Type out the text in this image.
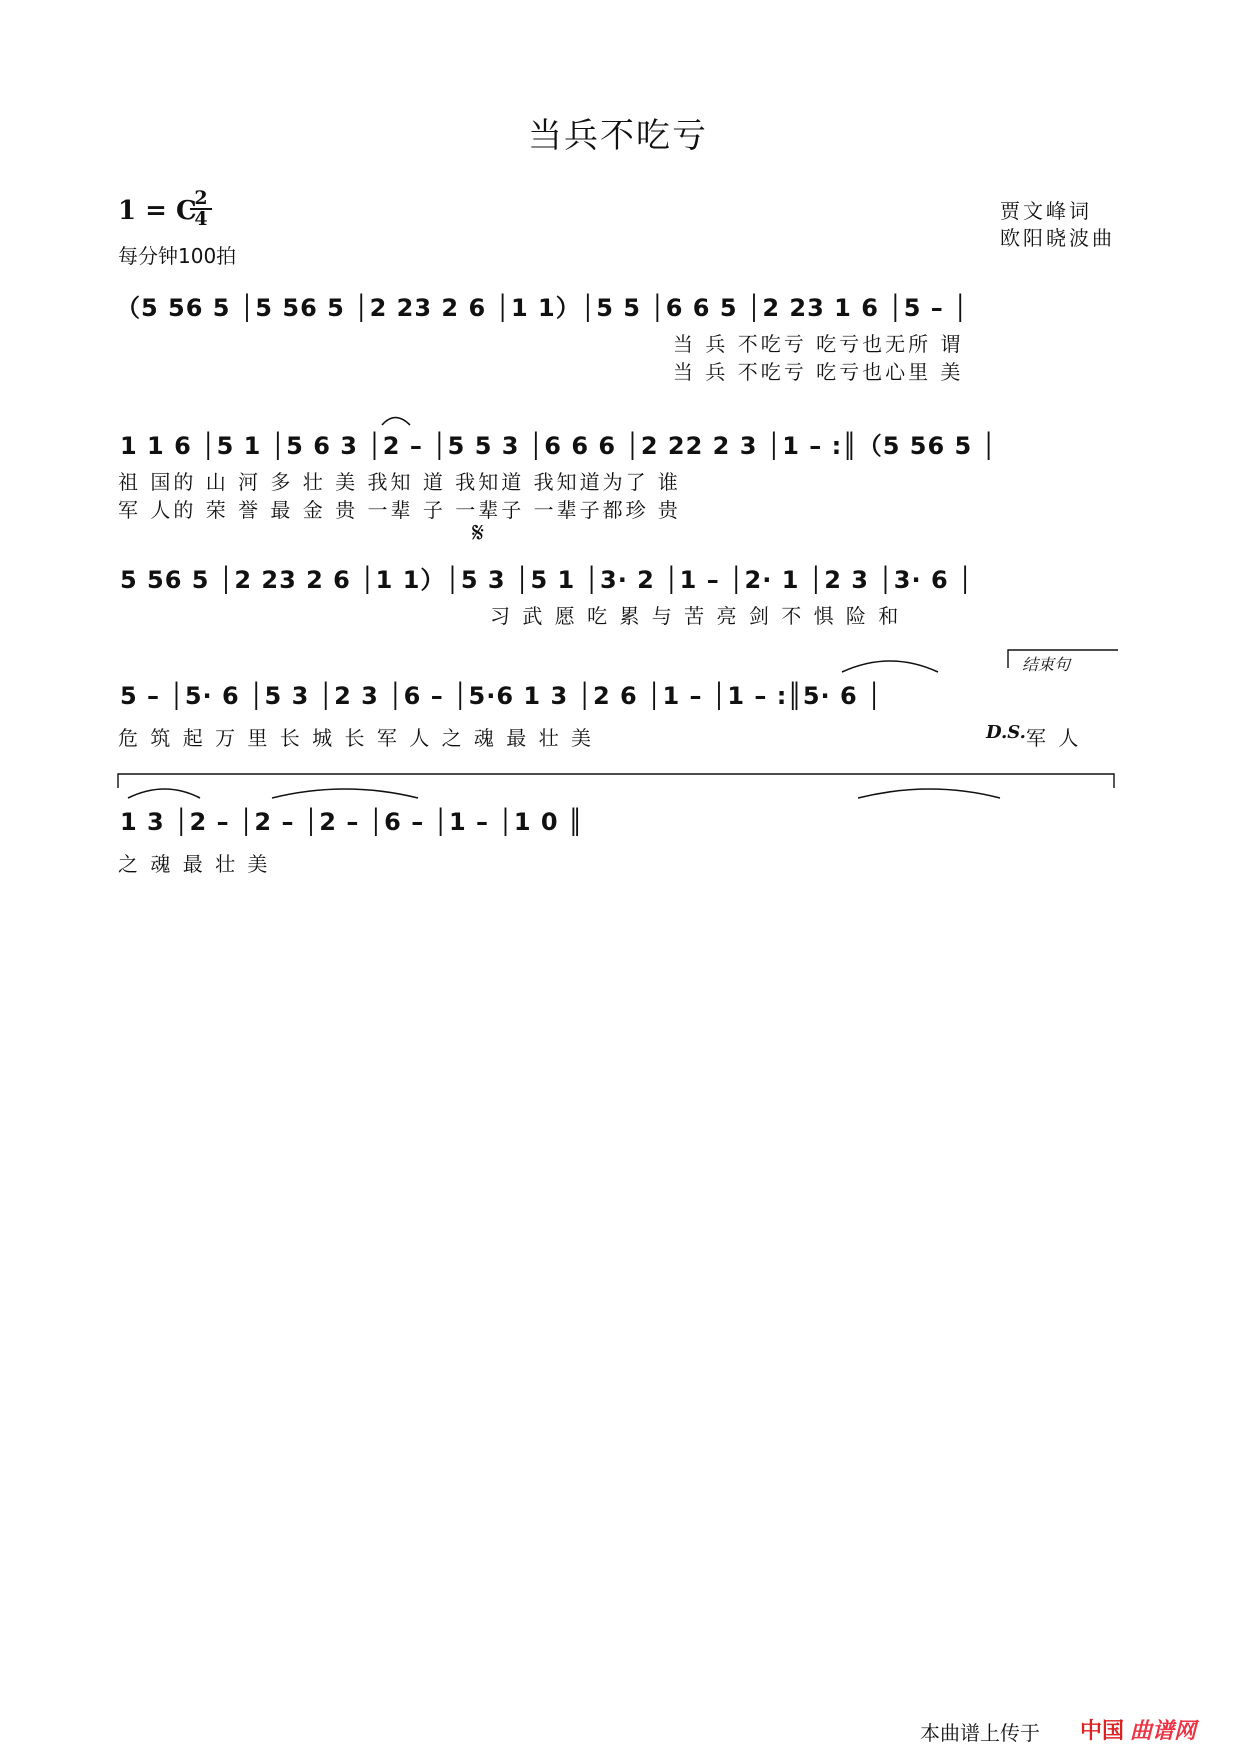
当兵不吃亏
1 = C
2
4
每分钟100拍
贾文峰词
欧阳晓波曲
（5 56 5 │5 56 5 │2 23 2 6 │1 1）│5 5 │6 6 5 │2 23 1 6 │5 – │
当 兵 不吃亏 吃亏也无所 谓
当 兵 不吃亏 吃亏也心里 美
1 1 6 │5 1 │5 6 3 │2 – │5 5 3 │6 6 6 │2 22 2 3 │1 – :║（5 56 5 │
祖 国的 山 河 多 壮 美 我知 道 我知道 我知道为了 谁
军 人的 荣 誉 最 金 贵 一辈 子 一辈子 一辈子都珍 贵
𝄋
5 56 5 │2 23 2 6 │1 1）│5 3 │5 1 │3· 2 │1 – │2· 1 │2 3 │3· 6 │
习 武 愿 吃 累 与 苦 亮 剑 不 惧 险 和
结束句
5 – │5· 6 │5 3 │2 3 │6 – │5·6 1 3 │2 6 │1 – │1 – :║5· 6 │
危 筑 起 万 里 长 城 长 军 人 之 魂 最 壮 美	D.S. 军 人
1 3 │2 – │2 – │2 – │6 – │1 – │1 0 ║
之 魂 最 壮 美
本曲谱上传于 中国 曲谱网
